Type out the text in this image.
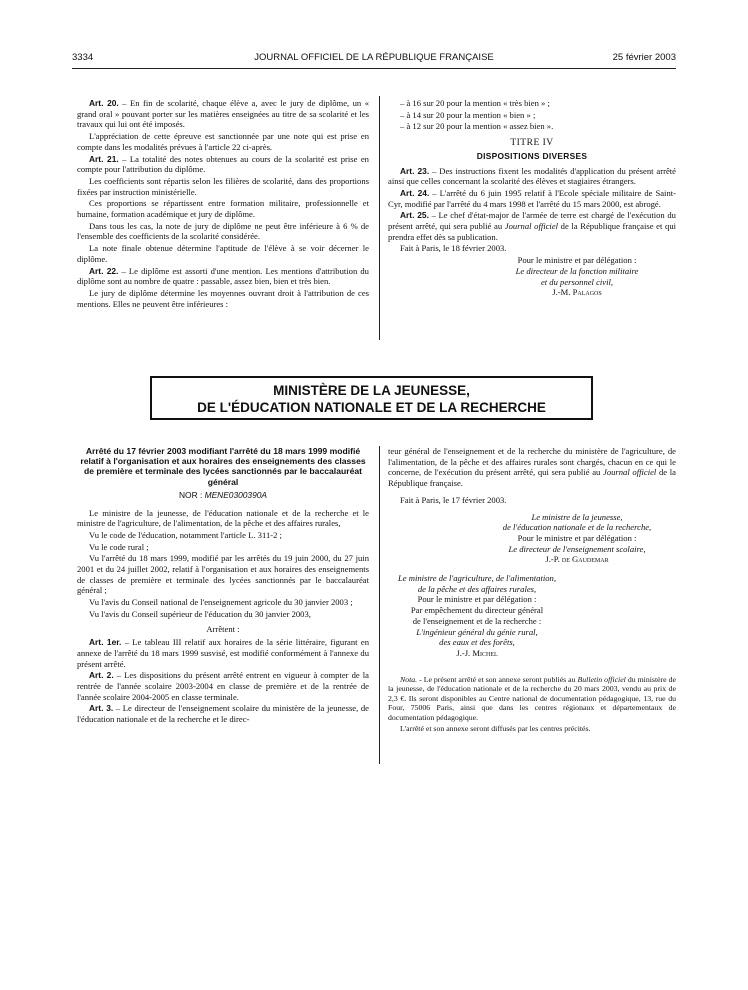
3334	JOURNAL OFFICIEL DE LA RÉPUBLIQUE FRANÇAISE	25 février 2003

Art. 20. – En fin de scolarité, chaque élève a, avec le jury de diplôme, un « grand oral » pouvant porter sur les matières enseignées au titre de sa scolarité et les travaux qui lui ont été imposés.

L'appréciation de cette épreuve est sanctionnée par une note qui est prise en compte dans les modalités prévues à l'article 22 ci-après.

Art. 21. – La totalité des notes obtenues au cours de la scolarité est prise en compte pour l'attribution du diplôme.

Les coefficients sont répartis selon les filières de scolarité, dans des proportions fixées par instruction ministérielle.

Ces proportions se répartissent entre formation militaire, professionnelle et humaine, formation académique et jury de diplôme.

Dans tous les cas, la note de jury de diplôme ne peut être inférieure à 6 % de l'ensemble des coefficients de la scolarité considérée.

La note finale obtenue détermine l'aptitude de l'élève à se voir décerner le diplôme.

Art. 22. – Le diplôme est assorti d'une mention. Les mentions d'attribution du diplôme sont au nombre de quatre : passable, assez bien, bien et très bien.

Le jury de diplôme détermine les moyennes ouvrant droit à l'attribution de ces mentions. Elles ne peuvent être inférieures :

– à 16 sur 20 pour la mention « très bien » ;

– à 14 sur 20 pour la mention « bien » ;

– à 12 sur 20 pour la mention « assez bien ».

TITRE IV
DISPOSITIONS DIVERSES

Art. 23. – Des instructions fixent les modalités d'application du présent arrêté ainsi que celles concernant la scolarité des élèves et stagiaires étrangers.

Art. 24. – L'arrêté du 6 juin 1995 relatif à l'Ecole spéciale militaire de Saint-Cyr, modifié par l'arrêté du 4 mars 1998 et l'arrêté du 15 mars 2000, est abrogé.

Art. 25. – Le chef d'état-major de l'armée de terre est chargé de l'exécution du présent arrêté, qui sera publié au Journal officiel de la République française et qui prendra effet dès sa publication.

Fait à Paris, le 18 février 2003.

Pour le ministre et par délégation :
Le directeur de la fonction militaire
et du personnel civil,
J.-M. Palagos
MINISTÈRE DE LA JEUNESSE,
DE L'ÉDUCATION NATIONALE ET DE LA RECHERCHE
Arrêté du 17 février 2003 modifiant l'arrêté du 18 mars 1999 modifié relatif à l'organisation et aux horaires des enseignements des classes de première et terminale des lycées sanctionnés par le baccalauréat général
NOR : MENE0300390A

Le ministre de la jeunesse, de l'éducation nationale et de la recherche et le ministre de l'agriculture, de l'alimentation, de la pêche et des affaires rurales,

Vu le code de l'éducation, notamment l'article L. 311-2 ;

Vu le code rural ;

Vu l'arrêté du 18 mars 1999, modifié par les arrêtés du 19 juin 2000, du 27 juin 2001 et du 24 juillet 2002, relatif à l'organisation et aux horaires des enseignements de classes de première et terminale des lycées sanctionnés par le baccalauréat général ;

Vu l'avis du Conseil national de l'enseignement agricole du 30 janvier 2003 ;

Vu l'avis du Conseil supérieur de l'éducation du 30 janvier 2003,

Arrêtent :

Art. 1er. – Le tableau III relatif aux horaires de la série littéraire, figurant en annexe de l'arrêté du 18 mars 1999 susvisé, est modifié conformément à l'annexe du présent arrêté.

Art. 2. – Les dispositions du présent arrêté entrent en vigueur à compter de la rentrée de l'année scolaire 2003-2004 en classe de première et de la rentrée de l'année scolaire 2004-2005 en classe terminale.

Art. 3. – Le directeur de l'enseignement scolaire du ministère de la jeunesse, de l'éducation nationale et de la recherche et le direc-

teur général de l'enseignement et de la recherche du ministère de l'agriculture, de l'alimentation, de la pêche et des affaires rurales sont chargés, chacun en ce qui le concerne, de l'exécution du présent arrêté, qui sera publié au Journal officiel de la République française.

Fait à Paris, le 17 février 2003.

Le ministre de la jeunesse,
de l'éducation nationale et de la recherche,
Pour le ministre et par délégation :
Le directeur de l'enseignement scolaire,
J.-P. de Gaudemar
Le ministre de l'agriculture, de l'alimentation,
de la pêche et des affaires rurales,
Pour le ministre et par délégation :
Par empêchement du directeur général
de l'enseignement et de la recherche :
L'ingénieur général du génie rural,
des eaux et des forêts,
J.-J. Michel

Nota. - Le présent arrêté et son annexe seront publiés au Bulletin officiel du ministère de la jeunesse, de l'éducation nationale et de la recherche du 20 mars 2003, vendu au prix de 2,3 €. Ils seront disponibles au Centre national de documentation pédagogique, 13, rue du Four, 75006 Paris, ainsi que dans les centres régionaux et départementaux de documentation pédagogique.

L'arrêté et son annexe seront diffusés par les centres précités.
